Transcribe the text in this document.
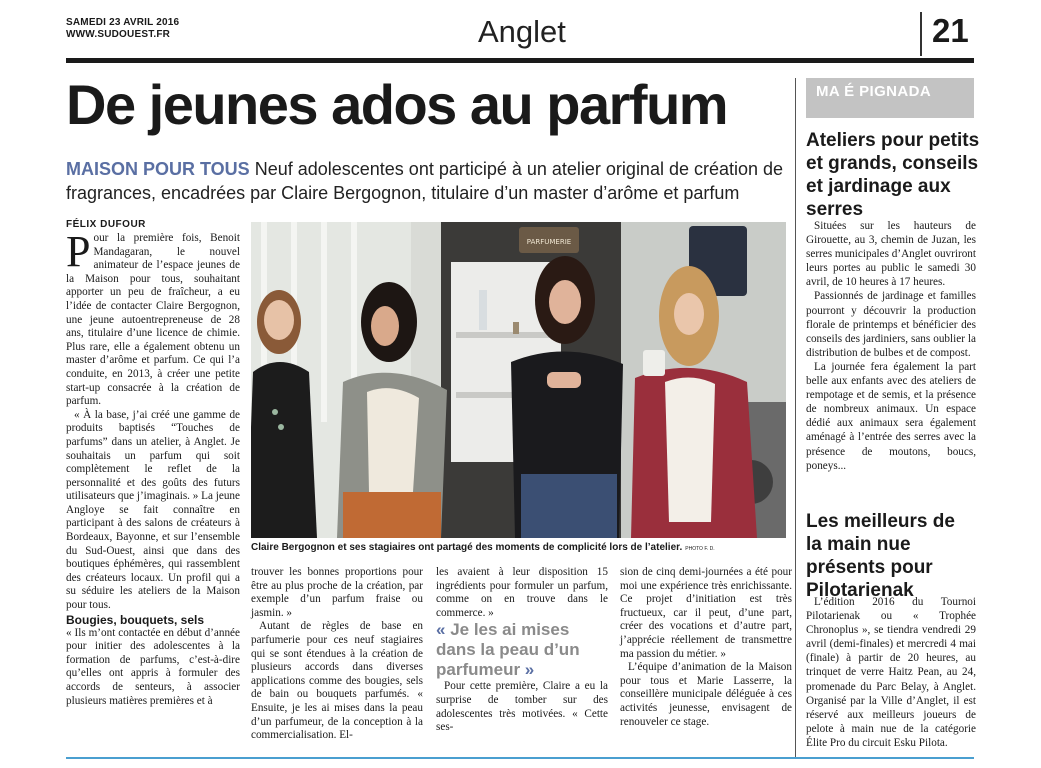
SAMEDI 23 AVRIL 2016
WWW.SUDOUEST.FR	Anglet	21
De jeunes ados au parfum
MAISON POUR TOUS Neuf adolescentes ont participé à un atelier original de création de fragrances, encadrées par Claire Bergognon, titulaire d’un master d’arôme et parfum
FÉLIX DUFOUR

Pour la première fois, Benoit Mandagaran, le nouvel animateur de l’espace jeunes de la Maison pour tous, souhaitant apporter un peu de fraîcheur, a eu l’idée de contacter Claire Bergognon, une jeune autoentrepreneuse de 28 ans, titulaire d’une licence de chimie. Plus rare, elle a également obtenu un master d’arôme et parfum. Ce qui l’a conduite, en 2013, à créer une petite start-up consacrée à la création de parfum.

« À la base, j’ai créé une gamme de produits baptisés “Touches de parfums” dans un atelier, à Anglet. Je souhaitais un parfum qui soit complètement le reflet de la personnalité et des goûts des futurs utilisateurs que j’imaginais. » La jeune Angloye se fait connaître en participant à des salons de créateurs à Bordeaux, Bayonne, et sur l’ensemble du Sud-Ouest, ainsi que dans des boutiques éphémères, qui rassemblent des créateurs locaux. Un profil qui a su séduire les ateliers de la Maison pour tous.

Bougies, bouquets, sels

« Ils m’ont contactée en début d’année pour initier des adolescentes à la formation de parfums, c’est-à-dire qu’elles ont appris à formuler des accords de senteurs, à associer plusieurs matières premières et à

PARFUMERIE
Claire Bergognon et ses stagiaires ont partagé des moments de complicité lors de l’atelier. PHOTO F. D.

trouver les bonnes proportions pour être au plus proche de la création, par exemple d’un parfum fraise ou jasmin. »

Autant de règles de base en parfumerie pour ces neuf stagiaires qui se sont étendues à la création de plusieurs accords dans diverses applications comme des bougies, sels de bain ou bouquets parfumés. « Ensuite, je les ai mises dans la peau d’un parfumeur, de la conception à la commercialisation. El-

les avaient à leur disposition 15 ingrédients pour formuler un parfum, comme on en trouve dans le commerce. »

« Je les ai mises dans la peau d’un parfumeur »

Pour cette première, Claire a eu la surprise de tomber sur des adolescentes très motivées. « Cette ses-

sion de cinq demi-journées a été pour moi une expérience très enrichissante. Ce projet d’initiation est très fructueux, car il peut, d’une part, créer des vocations et d’autre part, j’apprécie réellement de transmettre ma passion du métier. »

L’équipe d’animation de la Maison pour tous et Marie Lasserre, la conseillère municipale déléguée à ces activités jeunesse, envisagent de renouveler ce stage.

MA É PIGNADA
Ateliers pour petits et grands, conseils et jardinage aux serres

Situées sur les hauteurs de Girouette, au 3, chemin de Juzan, les serres municipales d’Anglet ouvriront leurs portes au public le samedi 30 avril, de 10 heures à 17 heures.

Passionnés de jardinage et familles pourront y découvrir la production florale de printemps et bénéficier des conseils des jardiniers, sans oublier la distribution de bulbes et de compost.

La journée fera également la part belle aux enfants avec des ateliers de rempotage et de semis, et la présence de nombreux animaux. Un espace dédié aux animaux sera également aménagé à l’entrée des serres avec la présence de moutons, boucs, poneys...

Les meilleurs de la main nue présents pour Pilotarienak

L’édition 2016 du Tournoi Pilotarienak ou « Trophée Chronoplus », se tiendra vendredi 29 avril (demi-finales) et mercredi 4 mai (finale) à partir de 20 heures, au trinquet de verre Haitz Pean, au 24, promenade du Parc Belay, à Anglet. Organisé par la Ville d’Anglet, il est réservé aux meilleurs joueurs de pelote à main nue de la catégorie Élite Pro du circuit Esku Pilota.
